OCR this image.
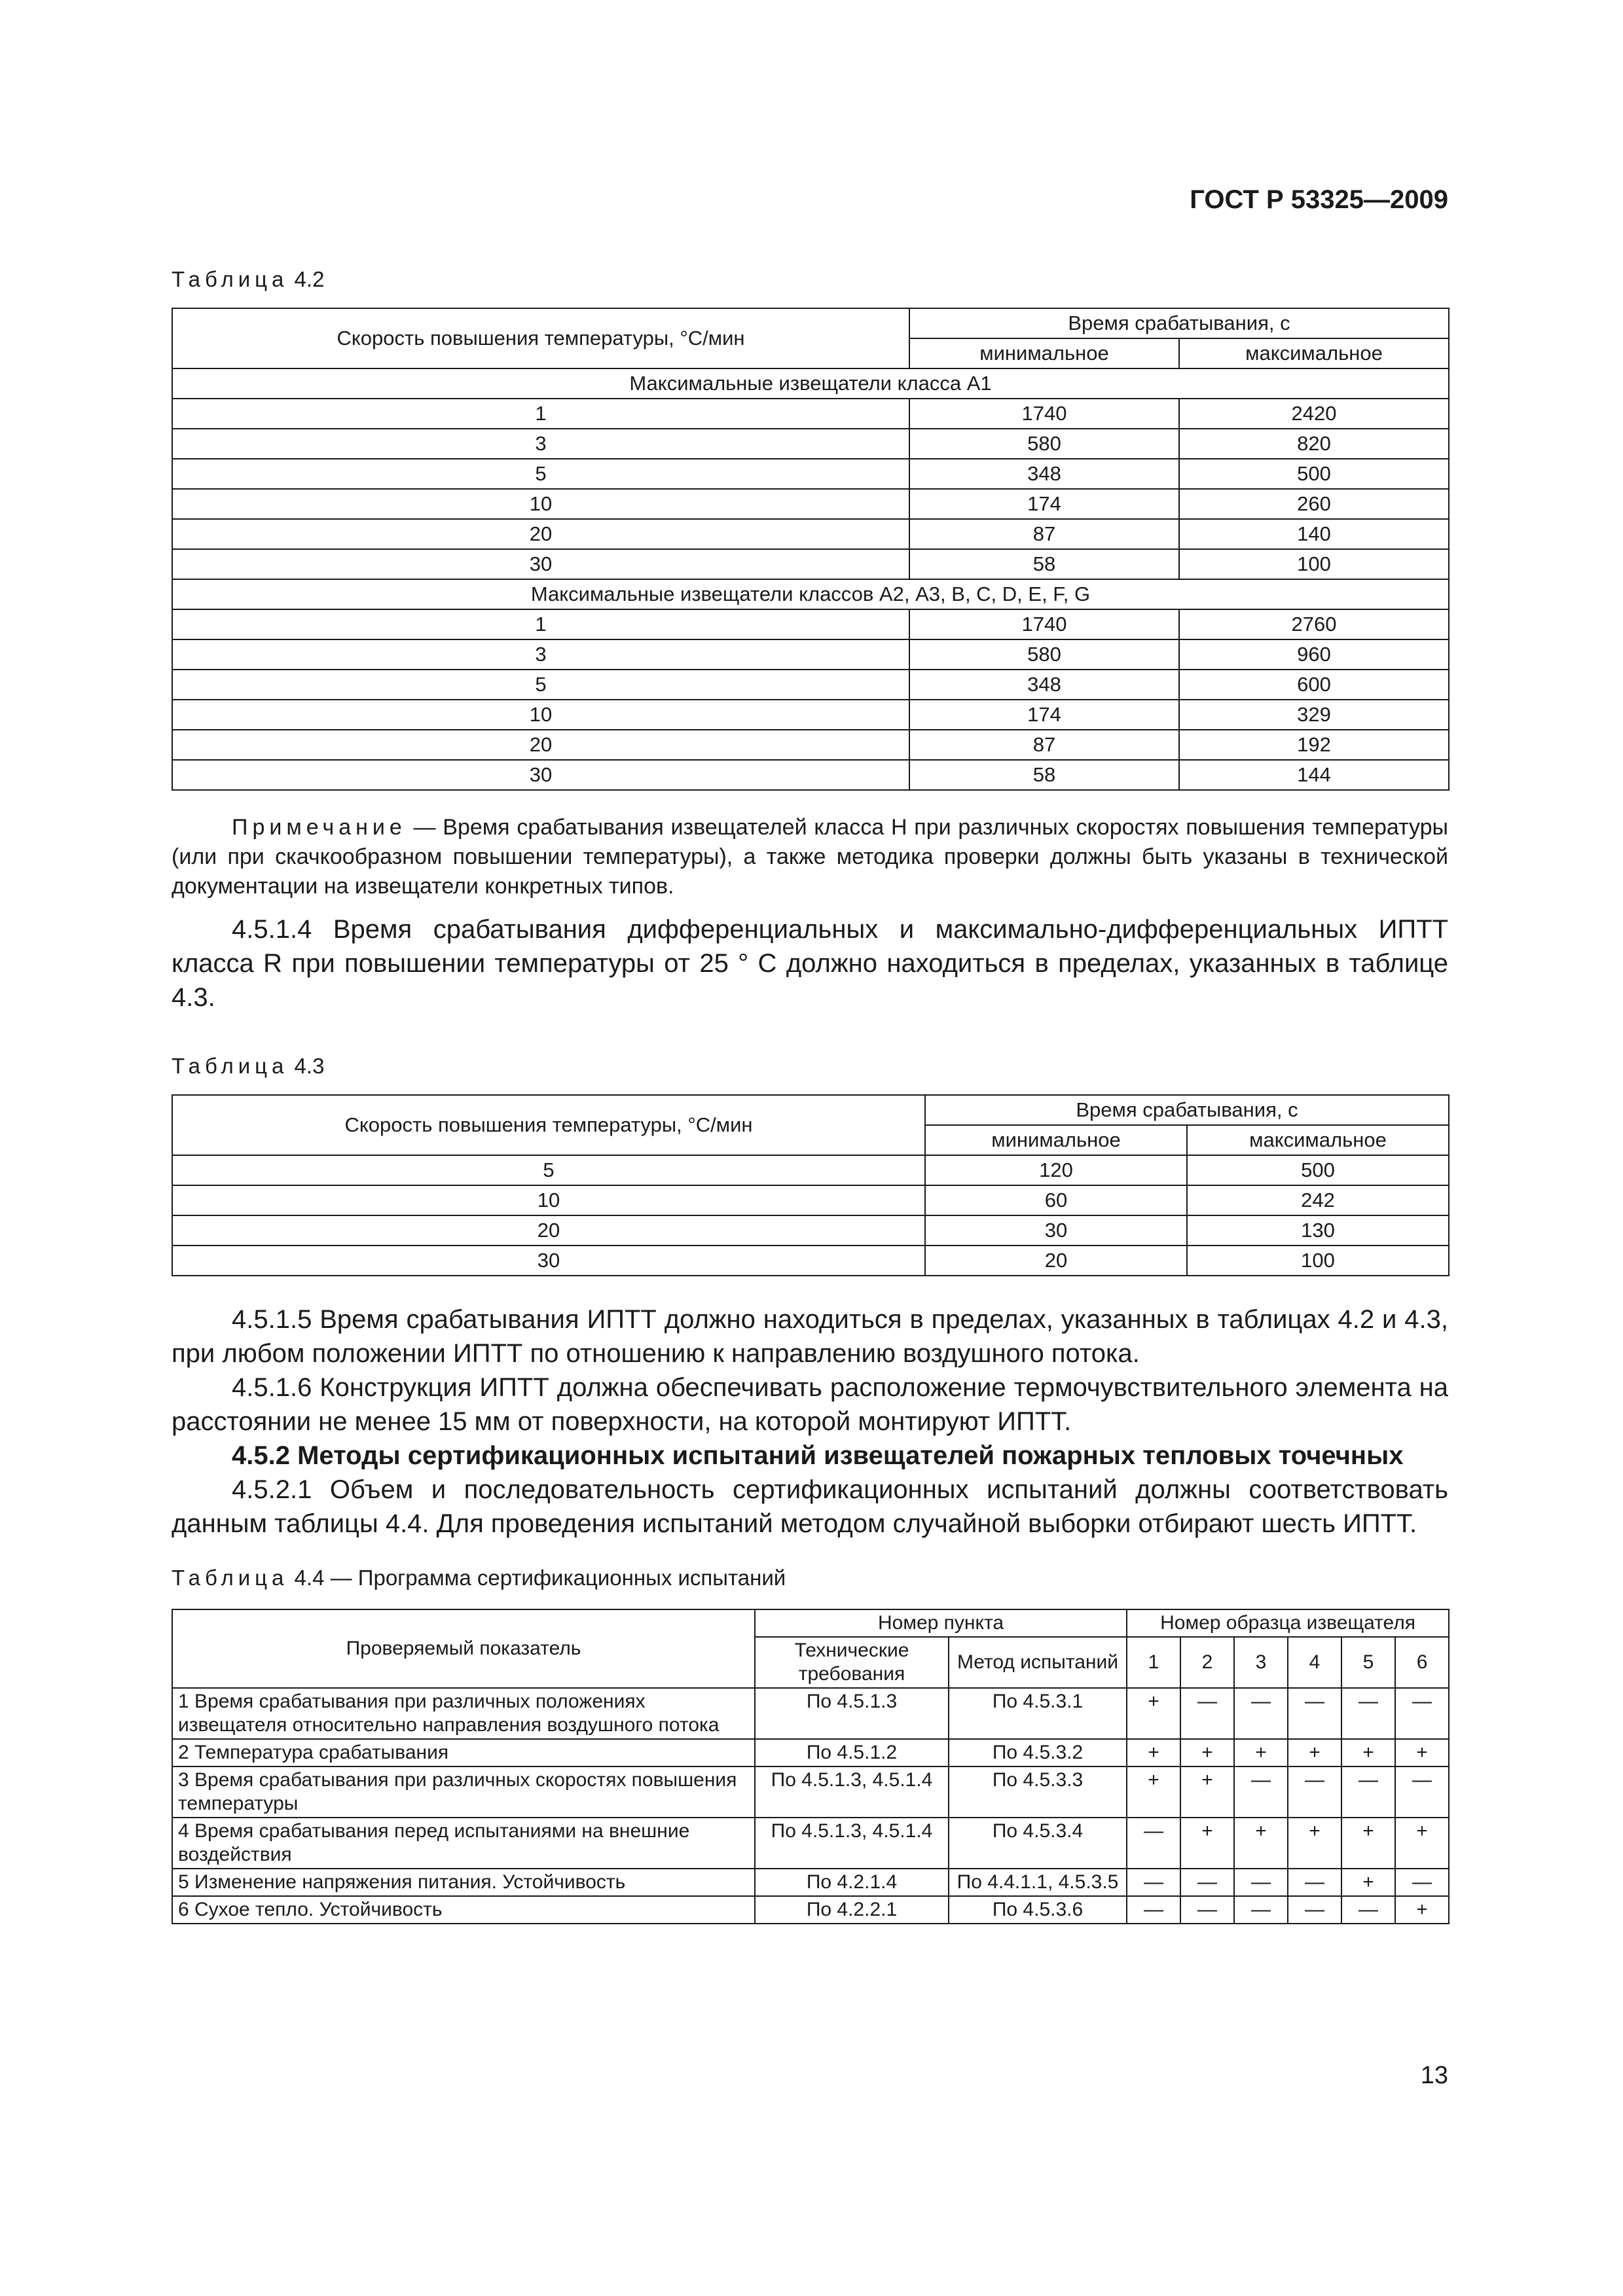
ГОСТ Р 53325—2009
Таблица 4.2
Скорость повышения температуры, °С/мин	Время срабатывания, с	
	минимальное	максимальное
Максимальные извещатели класса А1		
1	1740	2420
3	580	820
5	348	500
10	174	260
20	87	140
30	58	100
Максимальные извещатели классов А2, А3, В, С, D, Е, F, G		
1	1740	2760
3	580	960
5	348	600
10	174	329
20	87	192
30	58	144
Примечание — Время срабатывания извещателей класса Н при различных скоростях повышения температуры (или при скачкообразном повышении температуры), а также методика проверки должны быть указаны в технической документации на извещатели конкретных типов.
4.5.1.4 Время срабатывания дифференциальных и максимально-дифференциальных ИПТТ класса R при повышении температуры от 25 ° С должно находиться в пределах, указанных в таблице 4.3.
Таблица 4.3
Скорость повышения температуры, °С/мин	Время срабатывания, с	
	минимальное	максимальное
5	120	500
10	60	242
20	30	130
30	20	100
4.5.1.5 Время срабатывания ИПТТ должно находиться в пределах, указанных в таблицах 4.2 и 4.3, при любом положении ИПТТ по отношению к направлению воздушного потока.
4.5.1.6 Конструкция ИПТТ должна обеспечивать расположение термочувствительного элемента на расстоянии не менее 15 мм от поверхности, на которой монтируют ИПТТ.
4.5.2 Методы сертификационных испытаний извещателей пожарных тепловых точечных
4.5.2.1 Объем и последовательность сертификационных испытаний должны соответствовать данным таблицы 4.4. Для проведения испытаний методом случайной выборки отбирают шесть ИПТТ.
Таблица 4.4 — Программа сертификационных испытаний
Проверяемый показатель	Номер пункта		Номер образца извещателя					
	Технические требования	Метод испытаний	1	2	3	4	5	6
1 Время срабатывания при различных положениях извещателя относительно направления воздушного потока	По 4.5.1.3	По 4.5.3.1	+	—	—	—	—	—
2 Температура срабатывания	По 4.5.1.2	По 4.5.3.2	+	+	+	+	+	+
3 Время срабатывания при различных скоростях повышения температуры	По 4.5.1.3, 4.5.1.4	По 4.5.3.3	+	+	—	—	—	—
4 Время срабатывания перед испытаниями на внешние воздействия	По 4.5.1.3, 4.5.1.4	По 4.5.3.4	—	+	+	+	+	+
5 Изменение напряжения питания. Устойчивость	По 4.2.1.4	По 4.4.1.1, 4.5.3.5	—	—	—	—	+	—
6 Сухое тепло. Устойчивость	По 4.2.2.1	По 4.5.3.6	—	—	—	—	—	+
13
